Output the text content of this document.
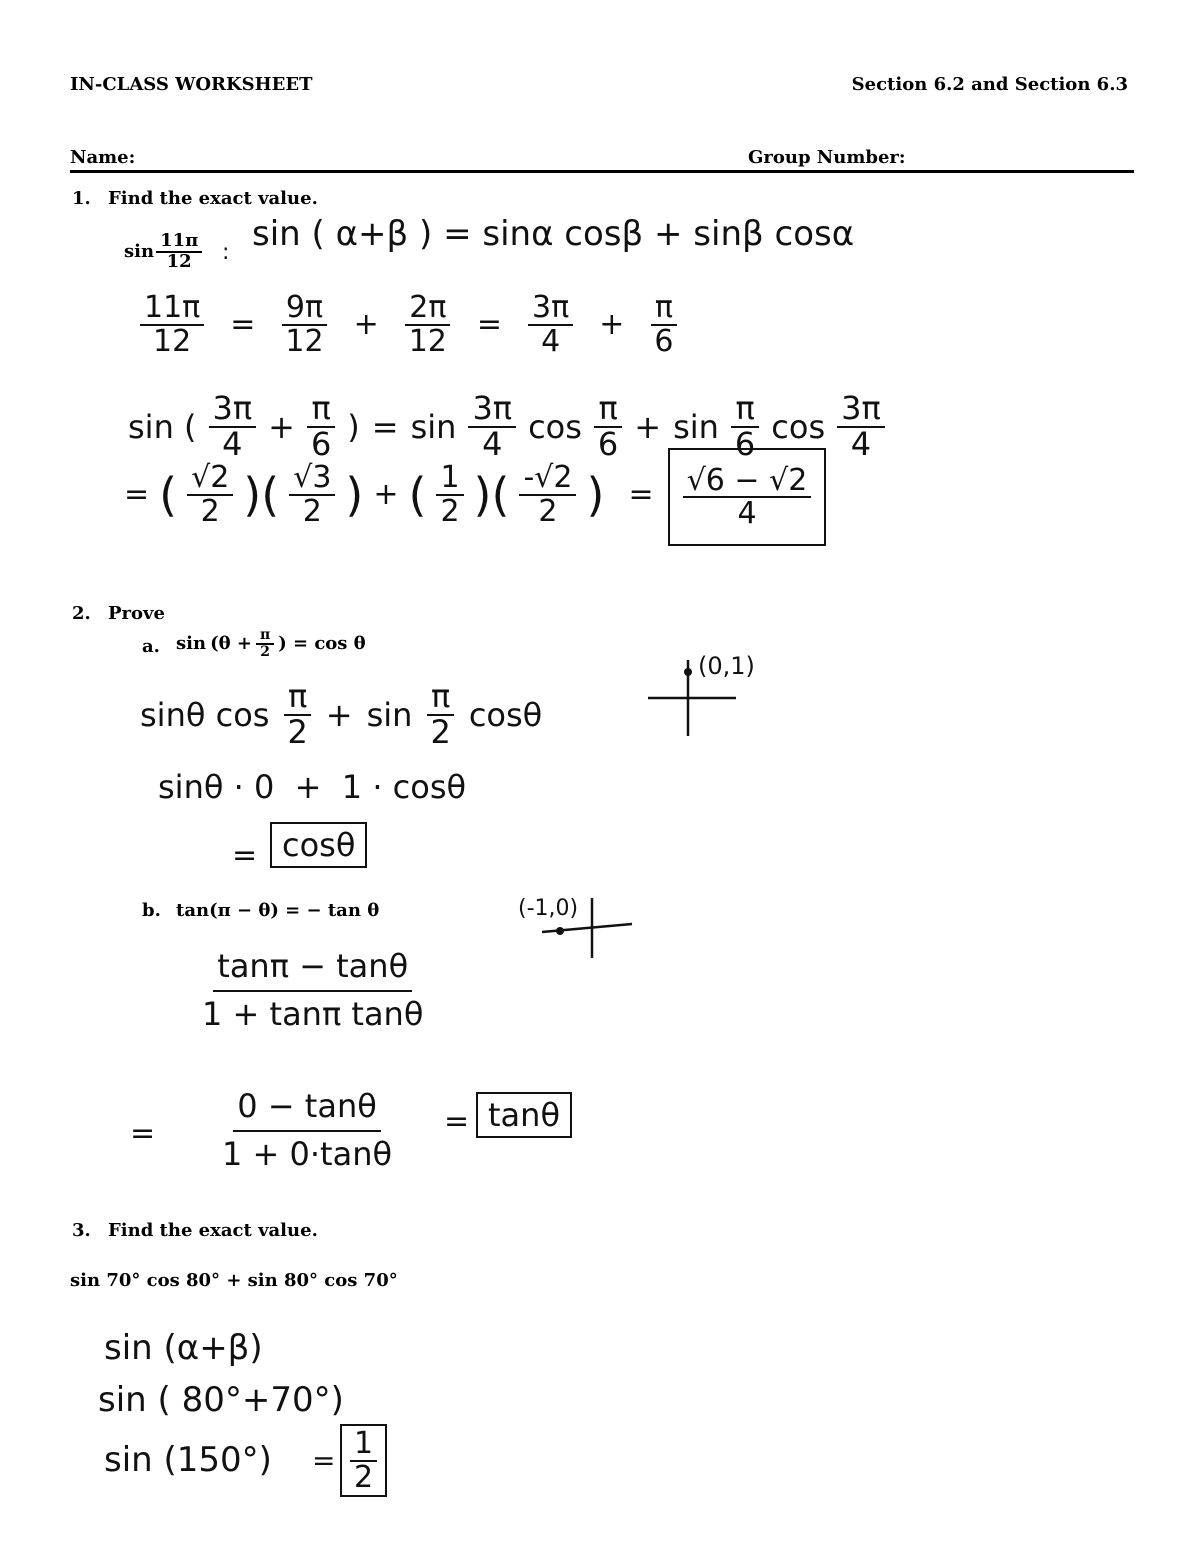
IN-CLASS WORKSHEET	Section 6.2 and Section 6.3
Name:	Group Number:
1. Find the exact value.
$\sin \frac{11\pi}{12}$ : sin ( α+β ) = sinα cosβ + sinβ cosα
$\frac{11\pi}{12} = \frac{9\pi}{12} + \frac{2\pi}{12} = \frac{3\pi}{4} + \frac{\pi}{6}$
sin ( $\frac{3\pi}{4} + \frac{\pi}{6}$ ) = $\sin \frac{3\pi}{4}$ $\cos \frac{\pi}{6} + \sin \frac{\pi}{6}$ $\cos \frac{3\pi}{4}$
= ( $\frac{√2}{2}$ )( $\frac{√3}{2}$ ) + ( $\frac{1}{2}$ )( $\frac{-√2}{2}$ ) = $\frac{√6 - √2}{4}$
2. Prove
a. $\sin (\theta + \frac{\pi}{2}$ ) = cos θ
sinθ $\cos \frac{\pi}{2} + \sin \frac{\pi}{2}$ cosθ
sinθ · 0  +  1 · cosθ
= cosθ
(0,1)
b. tan(π − θ) = − tan θ	(-1,0)
$\frac{\tan\pi - \tan\theta}{\text{1 + tanπ tanθ}}$
= $\frac{0 - \tan\theta}{1 + 0\cdot\tan\theta} = \tan\theta$
3. Find the exact value.
sin 70° cos 80° + sin 80° cos 70°
sin (α+β)
sin ( 80°+70°)
$\sin (150^\circ) = \frac{1}{2}$
